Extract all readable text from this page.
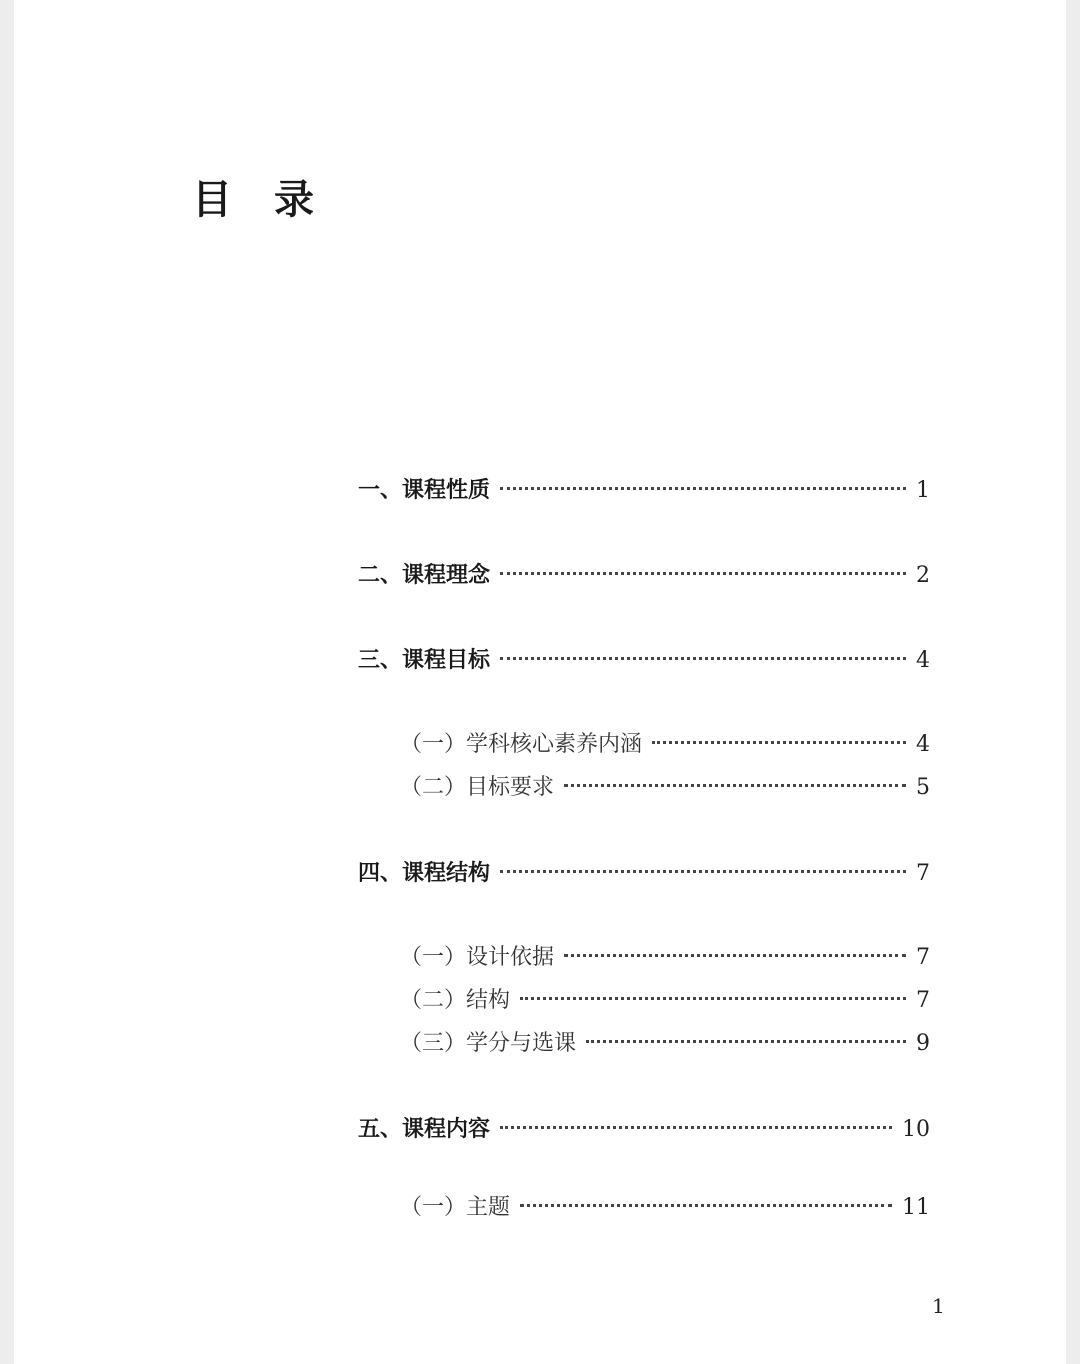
目录
一、课程性质	1
二、课程理念	2
三、课程目标	4
（一）学科核心素养内涵	4
（二）目标要求	5
四、课程结构	7
（一）设计依据	7
（二）结构	7
（三）学分与选课	9
五、课程内容	10
（一）主题	11
1
